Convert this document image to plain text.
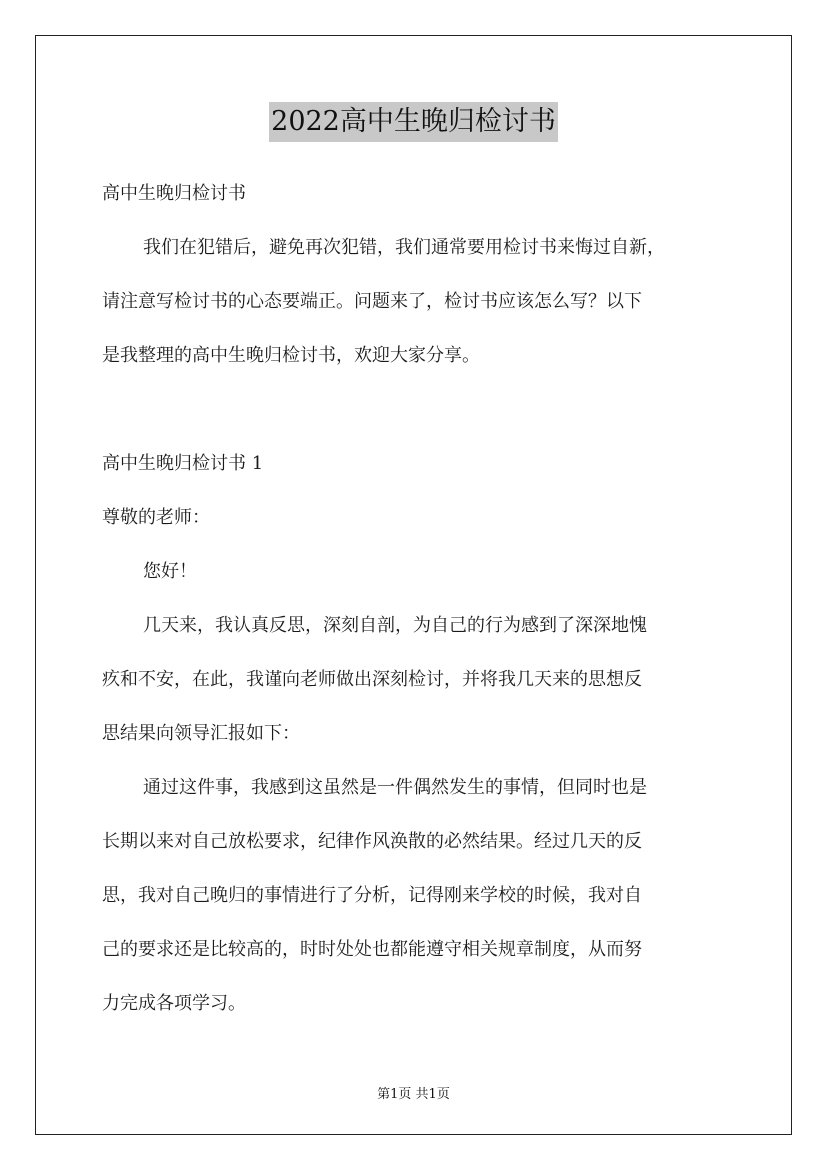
2022高中生晚归检讨书
高中生晚归检讨书
我们在犯错后，避免再次犯错，我们通常要用检讨书来悔过自新，
请注意写检讨书的心态要端正。问题来了，检讨书应该怎么写？以下
是我整理的高中生晚归检讨书，欢迎大家分享。
高中生晚归检讨书 1
尊敬的老师：
您好！
几天来，我认真反思，深刻自剖，为自己的行为感到了深深地愧
疚和不安，在此，我谨向老师做出深刻检讨，并将我几天来的思想反
思结果向领导汇报如下：
通过这件事，我感到这虽然是一件偶然发生的事情，但同时也是
长期以来对自己放松要求，纪律作风涣散的必然结果。经过几天的反
思，我对自己晚归的事情进行了分析，记得刚来学校的时候，我对自
己的要求还是比较高的，时时处处也都能遵守相关规章制度，从而努
力完成各项学习。
第1页 共1页
